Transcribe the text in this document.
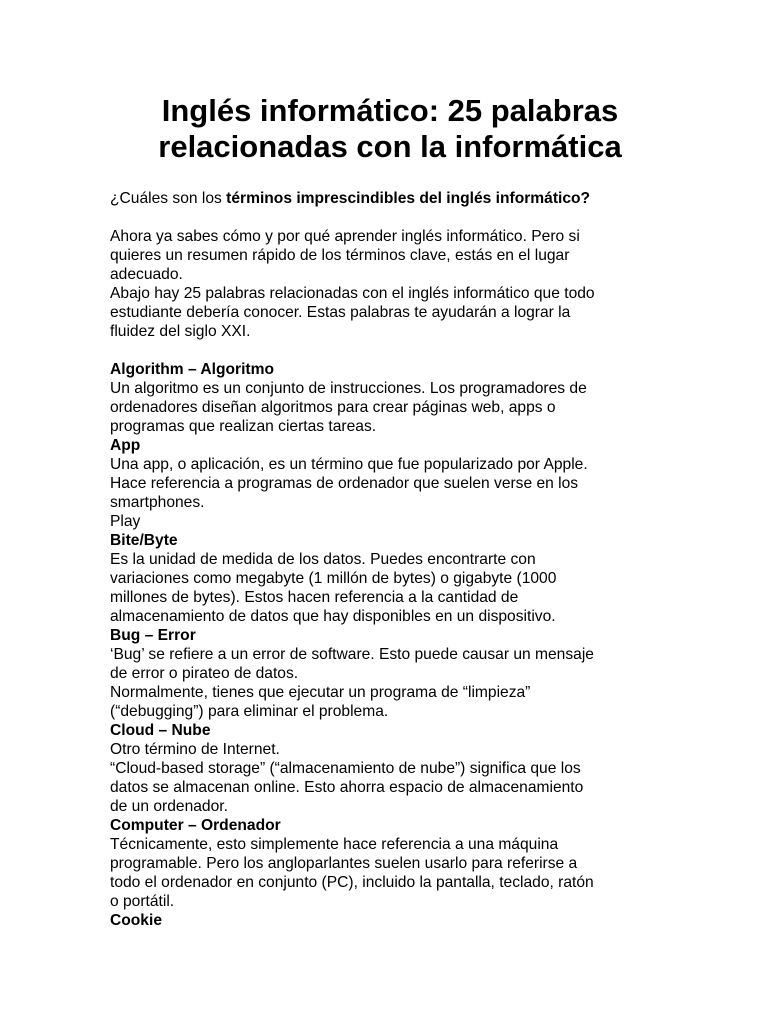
Inglés informático: 25 palabras
relacionadas con la informática
¿Cuáles son los términos imprescindibles del inglés informático?
Ahora ya sabes cómo y por qué aprender inglés informático. Pero si
quieres un resumen rápido de los términos clave, estás en el lugar
adecuado.
Abajo hay 25 palabras relacionadas con el inglés informático que todo
estudiante debería conocer. Estas palabras te ayudarán a lograr la
fluidez del siglo XXI.
Algorithm – Algoritmo
Un algoritmo es un conjunto de instrucciones. Los programadores de
ordenadores diseñan algoritmos para crear páginas web, apps o
programas que realizan ciertas tareas.
App
Una app, o aplicación, es un término que fue popularizado por Apple.
Hace referencia a programas de ordenador que suelen verse en los
smartphones.
Play
Bite/Byte
Es la unidad de medida de los datos. Puedes encontrarte con
variaciones como megabyte (1 millón de bytes) o gigabyte (1000
millones de bytes). Estos hacen referencia a la cantidad de
almacenamiento de datos que hay disponibles en un dispositivo.
Bug – Error
‘Bug’ se refiere a un error de software. Esto puede causar un mensaje
de error o pirateo de datos.
Normalmente, tienes que ejecutar un programa de “limpieza”
(“debugging”) para eliminar el problema.
Cloud – Nube
Otro término de Internet.
“Cloud-based storage” (“almacenamiento de nube”) significa que los
datos se almacenan online. Esto ahorra espacio de almacenamiento
de un ordenador.
Computer – Ordenador
Técnicamente, esto simplemente hace referencia a una máquina
programable. Pero los angloparlantes suelen usarlo para referirse a
todo el ordenador en conjunto (PC), incluido la pantalla, teclado, ratón
o portátil.
Cookie
